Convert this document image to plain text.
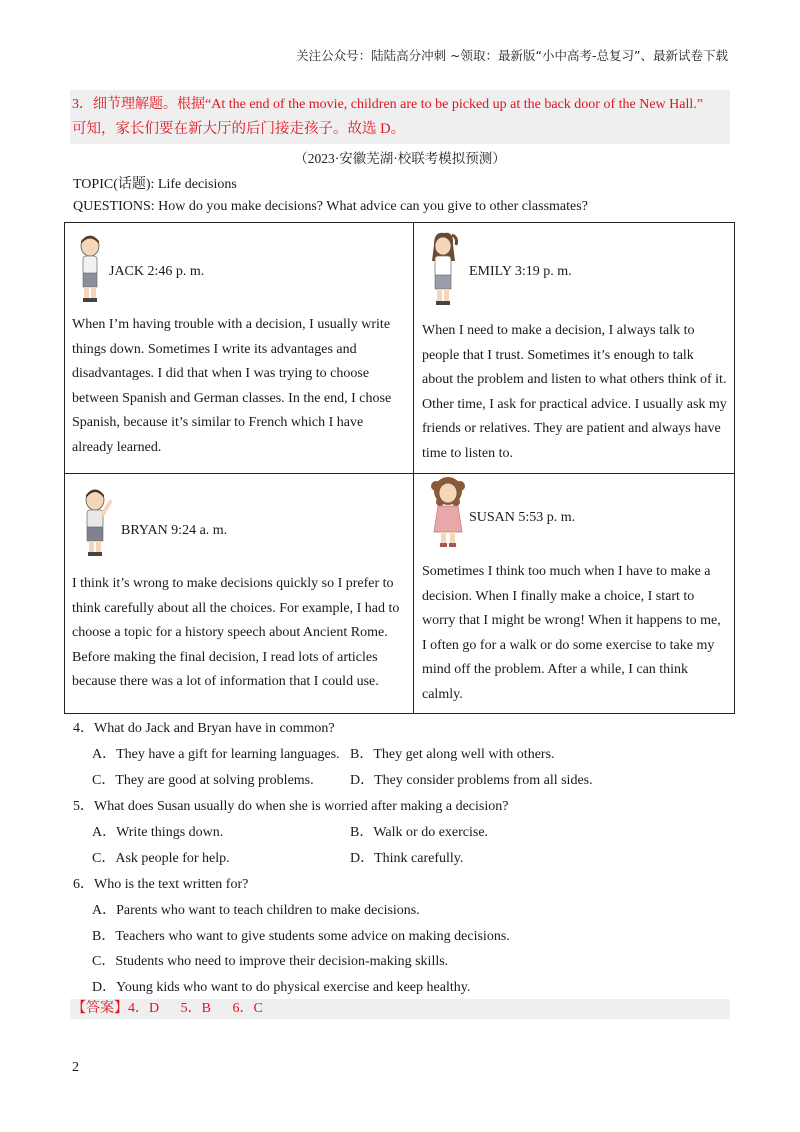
关注公众号：陆陆高分冲刺 ~领取：最新版“小中高考-总复习”、最新试卷下载
3．细节理解题。根据“At the end of the movie, children are to be picked up at the back door of the New Hall.”
可知，家长们要在新大厅的后门接走孩子。故选 D。
（2023·安徽芜湖·校联考模拟预测）
TOPIC(话题): Life decisions
QUESTIONS: How do you make decisions? What advice can you give to other classmates?
JACK 2:46 p. m.
When I’m having trouble with a decision, I usually write things down. Sometimes I write its advantages and disadvantages. I did that when I was trying to choose between Spanish and German classes. In the end, I chose Spanish, because it’s similar to French which I have already learned.
EMILY 3:19 p. m.
When I need to make a decision, I always talk to people that I trust. Sometimes it’s enough to talk about the problem and listen to what others think of it. Other time, I ask for practical advice. I usually ask my friends or relatives. They are patient and always have time to listen to.
BRYAN 9:24 a. m.
I think it’s wrong to make decisions quickly so I prefer to think carefully about all the choices. For example, I had to choose a topic for a history speech about Ancient Rome. Before making the final decision, I read lots of articles because there was a lot of information that I could use.
SUSAN 5:53 p. m.
Sometimes I think too much when I have to make a decision. When I finally make a choice, I start to worry that I might be wrong! When it happens to me, I often go for a walk or do some exercise to take my mind off the problem. After a while, I can think calmly.
4．What do Jack and Bryan have in common?
A．They have a gift for learning languages. B．They get along well with others.
C．They are good at solving problems.	D．They consider problems from all sides.
5．What does Susan usually do when she is worried after making a decision?
A．Write things down.	B．Walk or do exercise.
C．Ask people for help.	D．Think carefully.
6．Who is the text written for?
A．Parents who want to teach children to make decisions.
B．Teachers who want to give students some advice on making decisions.
C．Students who need to improve their decision-making skills.
D．Young kids who want to do physical exercise and keep healthy.
【答案】4．D 5．B 6．C
2
